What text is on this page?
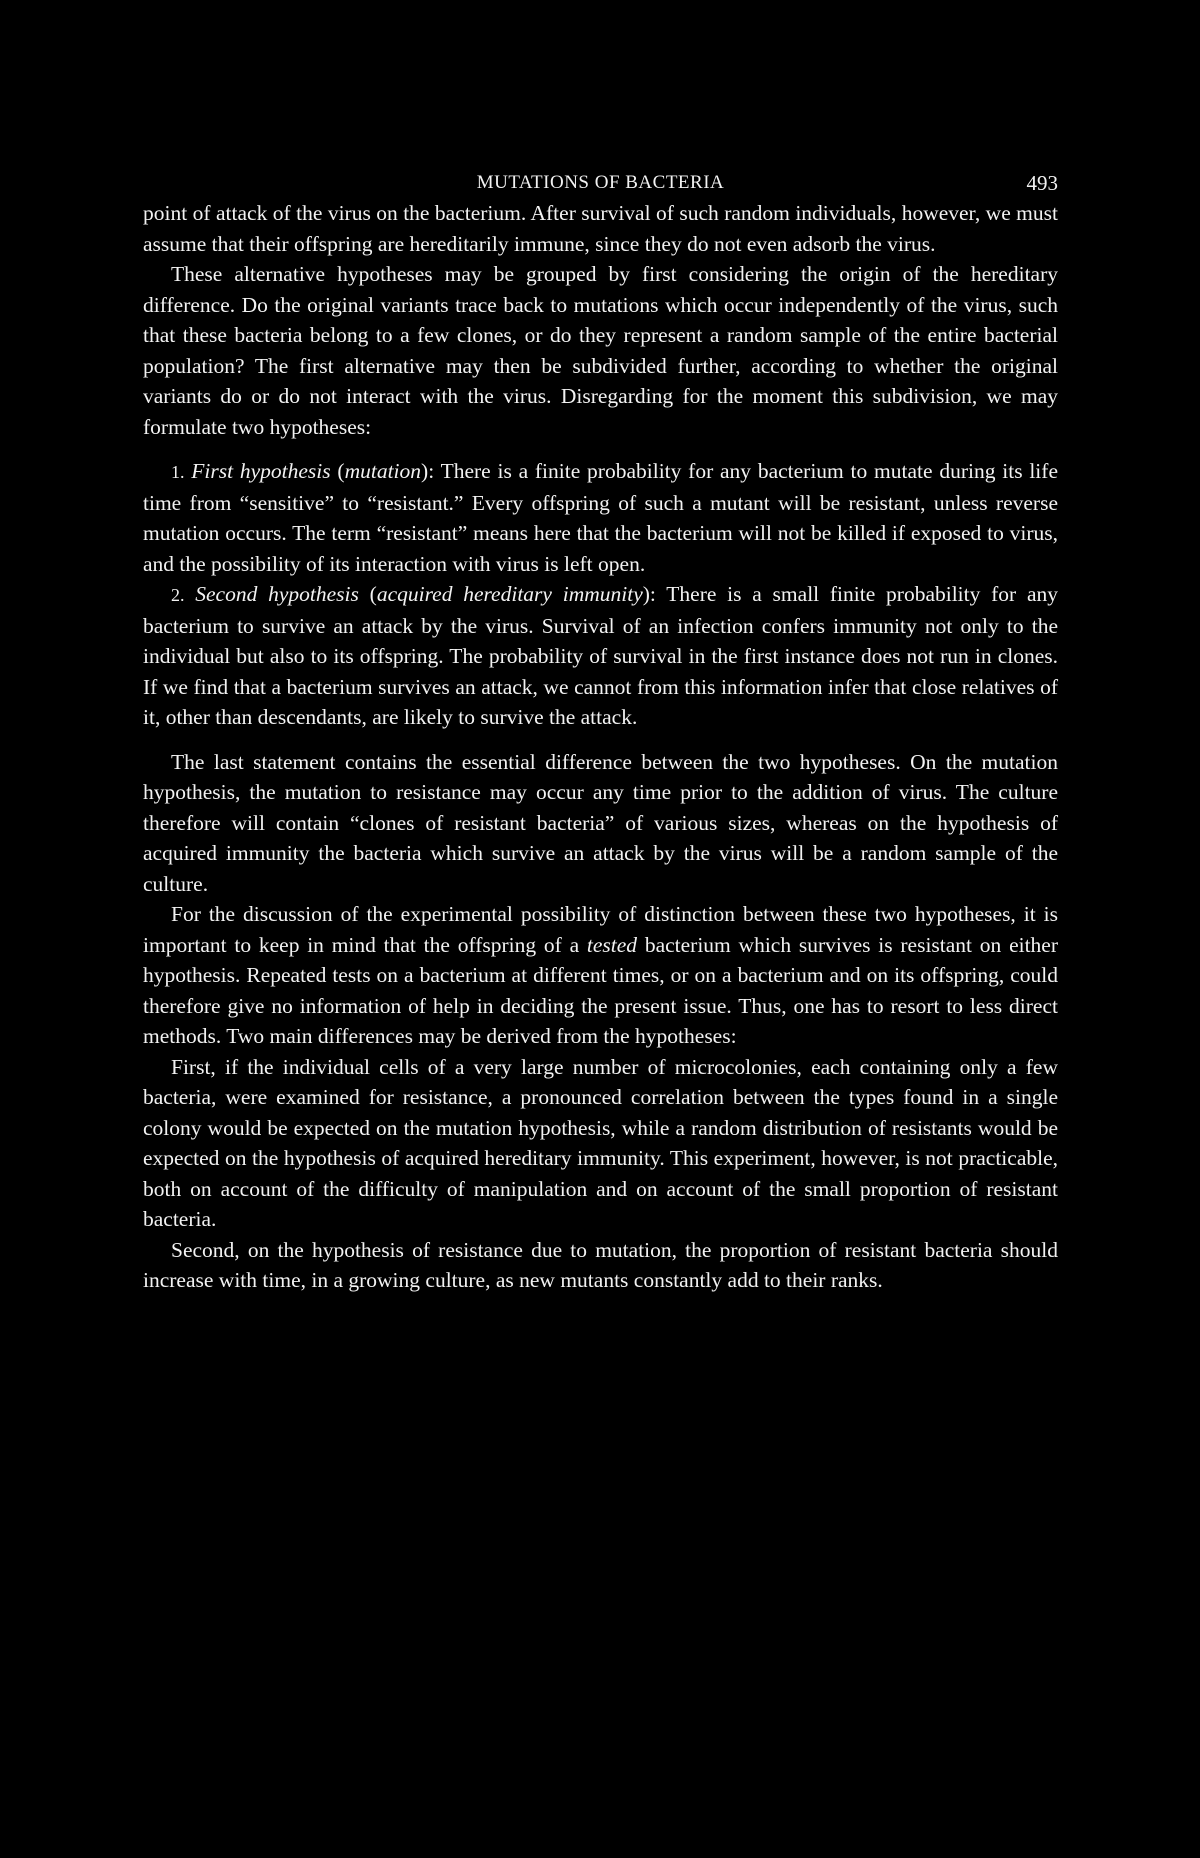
MUTATIONS OF BACTERIA	493

point of attack of the virus on the bacterium. After survival of such random individuals, however, we must assume that their offspring are hereditarily immune, since they do not even adsorb the virus.

These alternative hypotheses may be grouped by first considering the origin of the hereditary difference. Do the original variants trace back to mutations which occur independently of the virus, such that these bacteria belong to a few clones, or do they represent a random sample of the entire bacterial population? The first alternative may then be subdivided further, according to whether the original variants do or do not interact with the virus. Disregarding for the moment this subdivision, we may formulate two hypotheses:

1. First hypothesis (mutation): There is a finite probability for any bacterium to mutate during its life time from “sensitive” to “resistant.” Every offspring of such a mutant will be resistant, unless reverse mutation occurs. The term “resistant” means here that the bacterium will not be killed if exposed to virus, and the possibility of its interaction with virus is left open.

2. Second hypothesis (acquired hereditary immunity): There is a small finite probability for any bacterium to survive an attack by the virus. Survival of an infection confers immunity not only to the individual but also to its offspring. The probability of survival in the first instance does not run in clones. If we find that a bacterium survives an attack, we cannot from this information infer that close relatives of it, other than descendants, are likely to survive the attack.

The last statement contains the essential difference between the two hypotheses. On the mutation hypothesis, the mutation to resistance may occur any time prior to the addition of virus. The culture therefore will contain “clones of resistant bacteria” of various sizes, whereas on the hypothesis of acquired immunity the bacteria which survive an attack by the virus will be a random sample of the culture.

For the discussion of the experimental possibility of distinction between these two hypotheses, it is important to keep in mind that the offspring of a tested bacterium which survives is resistant on either hypothesis. Repeated tests on a bacterium at different times, or on a bacterium and on its offspring, could therefore give no information of help in deciding the present issue. Thus, one has to resort to less direct methods. Two main differences may be derived from the hypotheses:

First, if the individual cells of a very large number of microcolonies, each containing only a few bacteria, were examined for resistance, a pronounced correlation between the types found in a single colony would be expected on the mutation hypothesis, while a random distribution of resistants would be expected on the hypothesis of acquired hereditary immunity. This experiment, however, is not practicable, both on account of the difficulty of manipulation and on account of the small proportion of resistant bacteria.

Second, on the hypothesis of resistance due to mutation, the proportion of resistant bacteria should increase with time, in a growing culture, as new mutants constantly add to their ranks.
